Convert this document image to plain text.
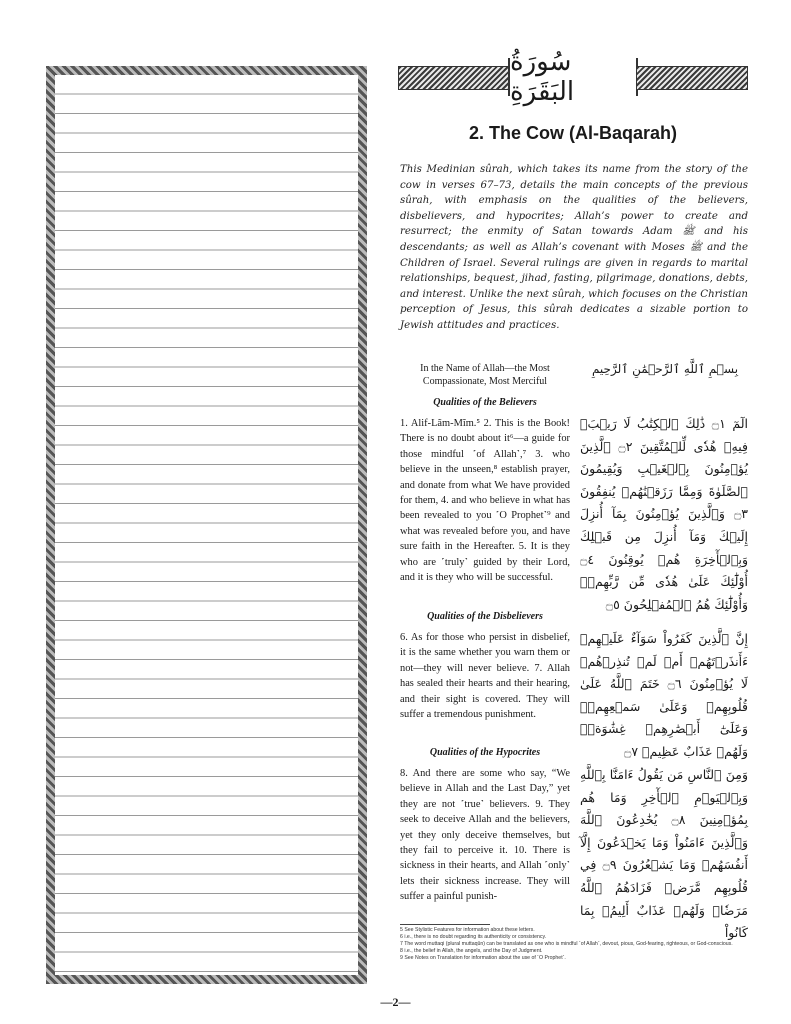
سُورَةُ البَقَرَةِ
2. The Cow (Al-Baqarah)
This Medinian sûrah, which takes its name from the story of the cow in verses 67–73, details the main concepts of the previous sûrah, with emphasis on the qualities of the believers, disbelievers, and hypocrites; Allah’s power to create and resurrect; the enmity of Satan towards Adam ﷺ and his descendants; as well as Allah’s covenant with Moses ﷺ and the Children of Israel. Several rulings are given in regards to marital relationships, bequest, jihad, fasting, pilgrimage, donations, debts, and interest. Unlike the next sûrah, which focuses on the Christian perception of Jesus, this sûrah dedicates a sizable portion to Jewish attitudes and practices.
In the Name of Allah—the Most Compassionate, Most Merciful
بِسۡمِ ٱللَّهِ ٱلرَّحۡمَٰنِ ٱلرَّحِيمِ
Qualities of the Believers
1. Alif-Lãm-Mĩm.⁵ 2. This is the Book! There is no doubt about it⁶—a guide for those mindful ˹of Allah˺,⁷ 3. who believe in the unseen,⁸ establish prayer, and donate from what We have provided for them, 4. and who believe in what has been revealed to you ˹O Prophet˺⁹ and what was revealed before you, and have sure faith in the Hereafter. 5. It is they who are ˹truly˺ guided by their Lord, and it is they who will be successful.
الٓمٓ ۝١ ذَٰلِكَ ٱلۡكِتَٰبُ لَا رَيۡبَۛ فِيهِۛ هُدٗى لِّلۡمُتَّقِينَ ۝٢ ٱلَّذِينَ يُؤۡمِنُونَ بِٱلۡغَيۡبِ وَيُقِيمُونَ ٱلصَّلَوٰةَ وَمِمَّا رَزَقۡنَٰهُمۡ يُنفِقُونَ ۝٣ وَٱلَّذِينَ يُؤۡمِنُونَ بِمَآ أُنزِلَ إِلَيۡكَ وَمَآ أُنزِلَ مِن قَبۡلِكَ وَبِٱلۡأٓخِرَةِ هُمۡ يُوقِنُونَ ۝٤ أُوْلَٰٓئِكَ عَلَىٰ هُدٗى مِّن رَّبِّهِمۡۖ وَأُوْلَٰٓئِكَ هُمُ ٱلۡمُفۡلِحُونَ ۝٥
Qualities of the Disbelievers
6. As for those who persist in disbelief, it is the same whether you warn them or not—they will never believe. 7. Allah has sealed their hearts and their hearing, and their sight is covered. They will suffer a tremendous punishment.
إِنَّ ٱلَّذِينَ كَفَرُواْ سَوَآءٌ عَلَيۡهِمۡ ءَأَنذَرۡتَهُمۡ أَمۡ لَمۡ تُنذِرۡهُمۡ لَا يُؤۡمِنُونَ ۝٦ خَتَمَ ٱللَّهُ عَلَىٰ قُلُوبِهِمۡ وَعَلَىٰ سَمۡعِهِمۡۖ وَعَلَىٰٓ أَبۡصَٰرِهِمۡ غِشَٰوَةٞۖ وَلَهُمۡ عَذَابٌ عَظِيمٞ ۝٧
Qualities of the Hypocrites
8. And there are some who say, “We believe in Allah and the Last Day,” yet they are not ˹true˺ believers. 9. They seek to deceive Allah and the believers, yet they only deceive themselves, but they fail to perceive it. 10. There is sickness in their hearts, and Allah ˹only˺ lets their sickness increase. They will suffer a painful punish-
وَمِنَ ٱلنَّاسِ مَن يَقُولُ ءَامَنَّا بِٱللَّهِ وَبِٱلۡيَوۡمِ ٱلۡأٓخِرِ وَمَا هُم بِمُؤۡمِنِينَ ۝٨ يُخَٰدِعُونَ ٱللَّهَ وَٱلَّذِينَ ءَامَنُواْ وَمَا يَخۡدَعُونَ إِلَّآ أَنفُسَهُمۡ وَمَا يَشۡعُرُونَ ۝٩ فِي قُلُوبِهِم مَّرَضٞ فَزَادَهُمُ ٱللَّهُ مَرَضٗاۖ وَلَهُمۡ عَذَابٌ أَلِيمُۢ بِمَا كَانُواْ
5 See Stylistic Features for information about these letters.
6 i.e., there is no doubt regarding its authenticity or consistency.
7 The word muttaqi (plural muttaqûn) can be translated as one who is mindful ˹of Allah˺, devout, pious, God-fearing, righteous, or God-conscious.
8 i.e., the belief in Allah, the angels, and the Day of Judgment.
9 See Notes on Translation for information about the use of ˹O Prophet˺.
—2—
